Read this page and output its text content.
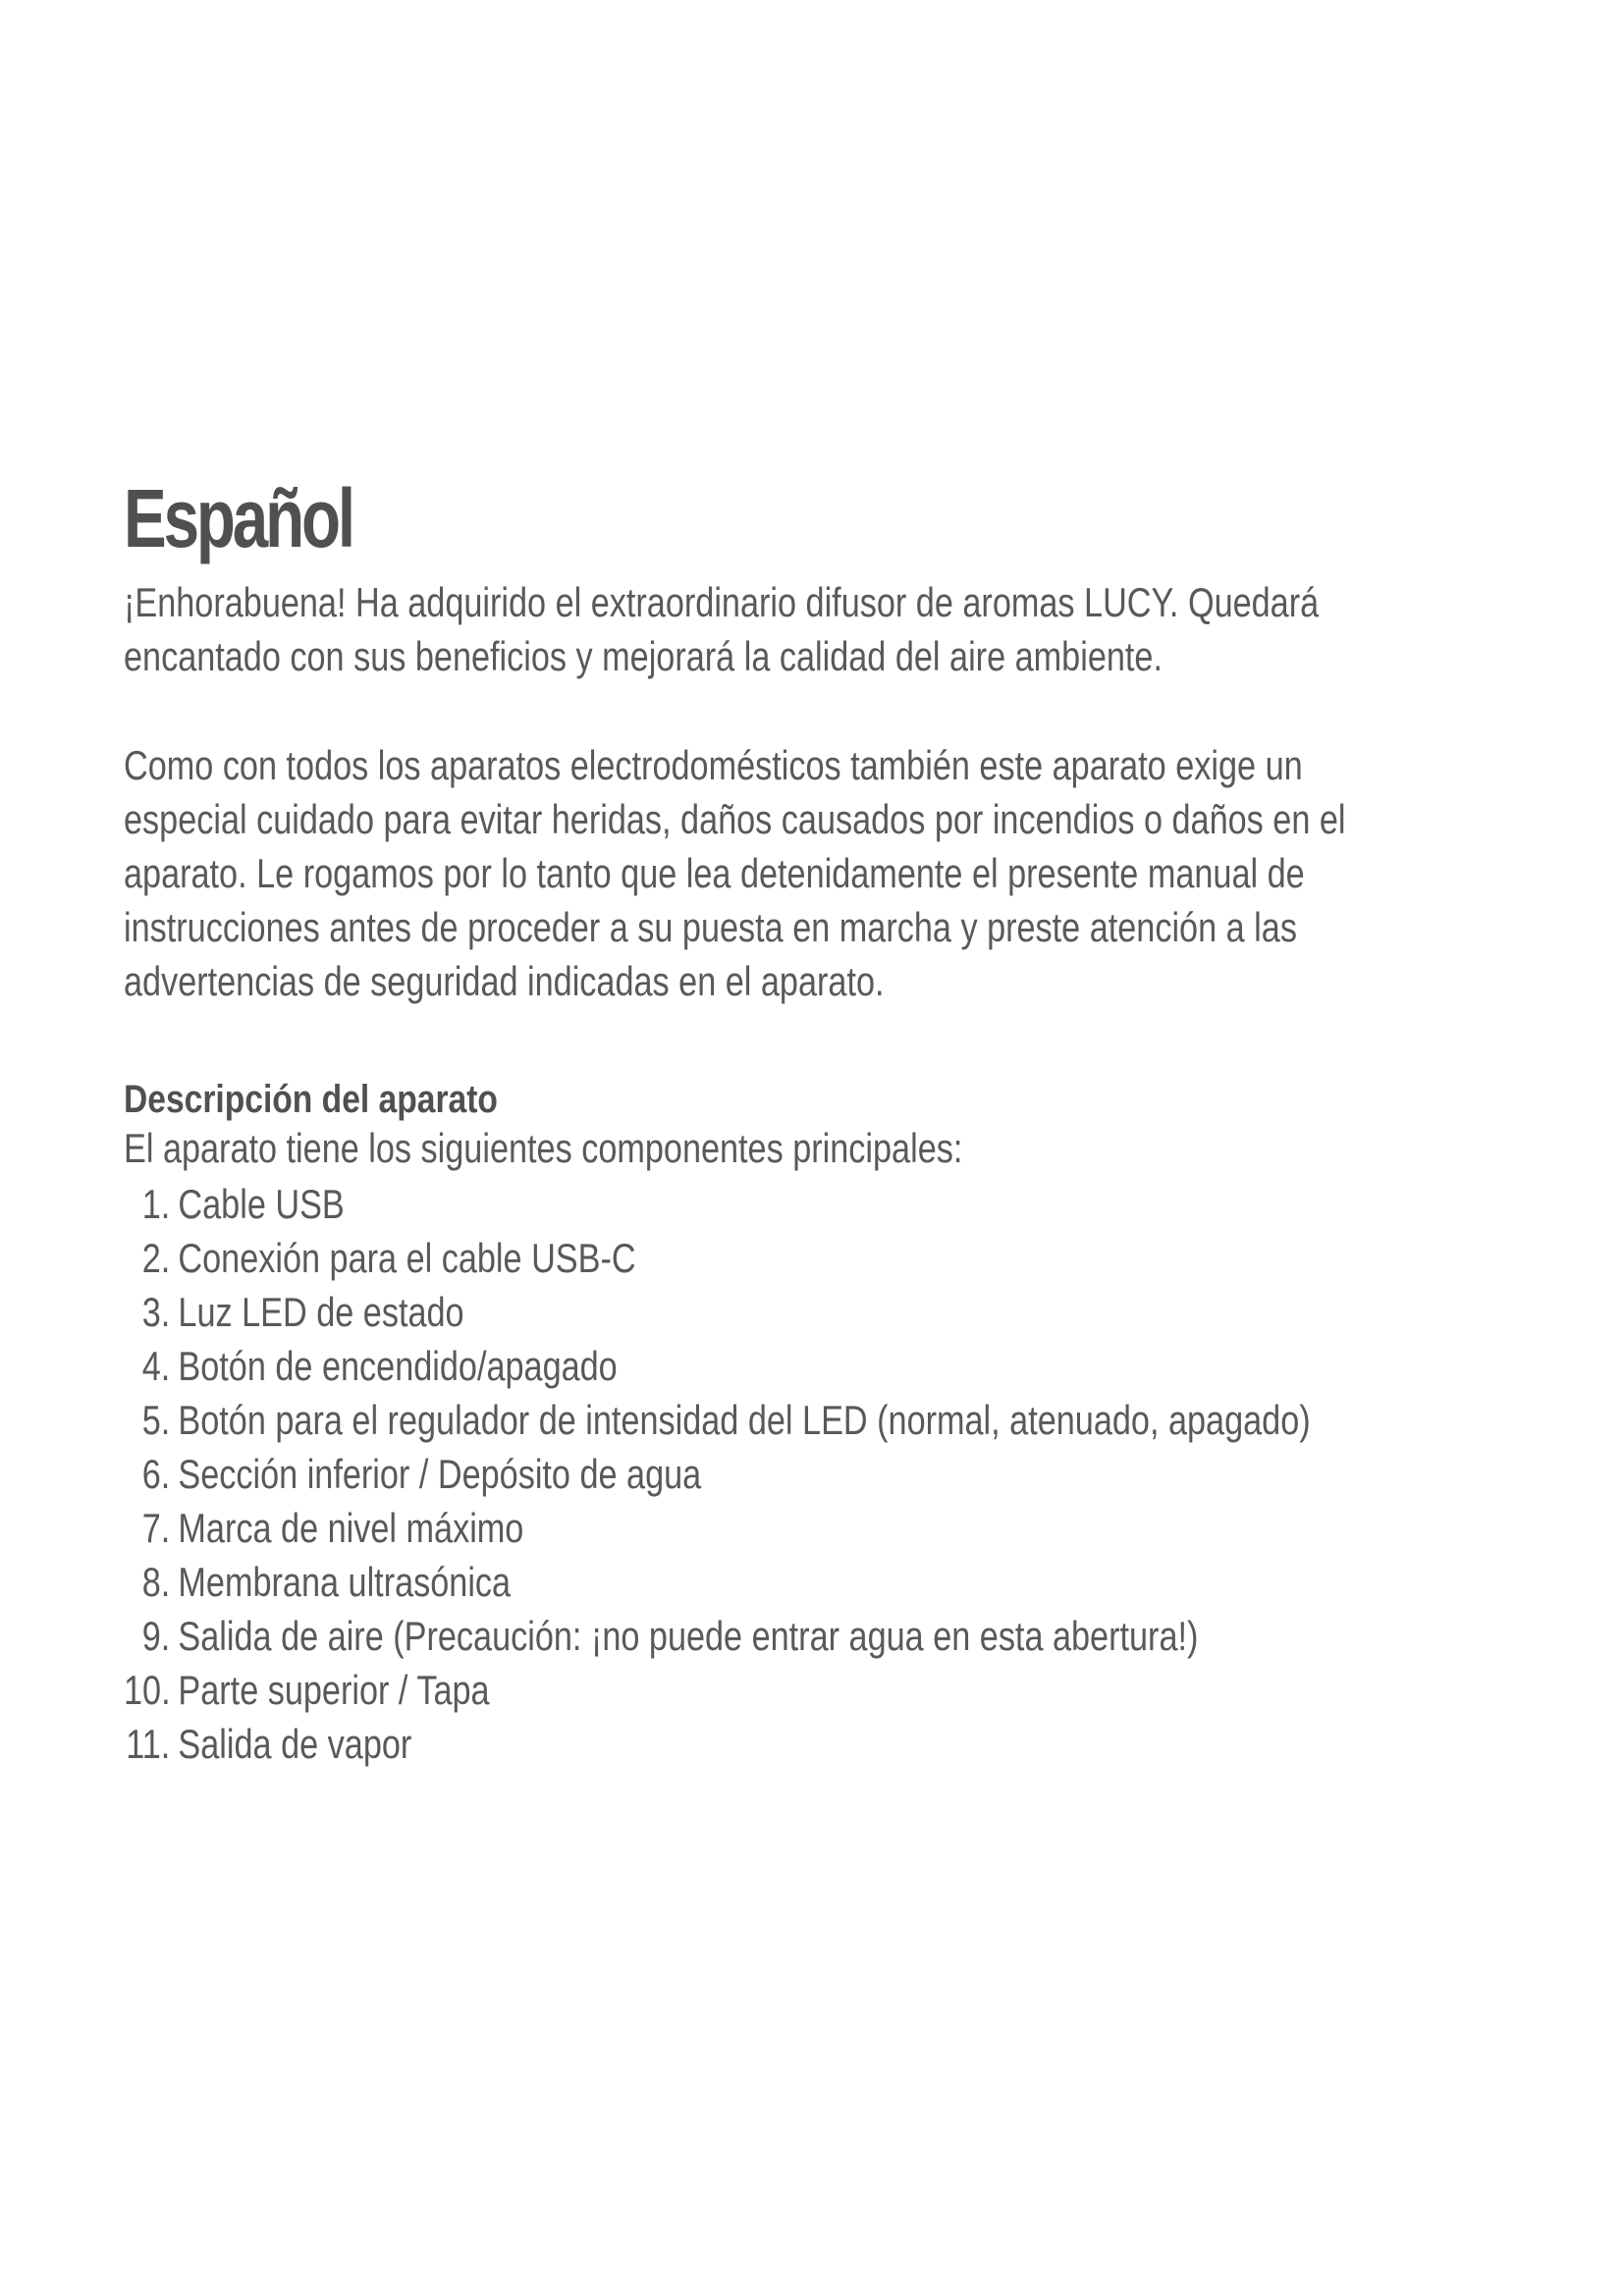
Español

¡Enhorabuena! Ha adquirido el extraordinario difusor de aromas LUCY. Quedará encantado con sus beneficios y mejorará la calidad del aire ambiente.

Como con todos los aparatos electrodomésticos también este aparato exige un especial cuidado para evitar heridas, daños causados por incendios o daños en el aparato. Le rogamos por lo tanto que lea detenidamente el presente manual de instrucciones antes de proceder a su puesta en marcha y preste atención a las advertencias de seguridad indicadas en el aparato.

Descripción del aparato

El aparato tiene los siguientes componentes principales:

1. Cable USB
2. Conexión para el cable USB-C
3. Luz LED de estado
4. Botón de encendido/apagado
5. Botón para el regulador de intensidad del LED (normal, atenuado, apagado)
6. Sección inferior / Depósito de agua
7. Marca de nivel máximo
8. Membrana ultrasónica
9. Salida de aire (Precaución: ¡no puede entrar agua en esta abertura!)
10. Parte superior / Tapa
11. Salida de vapor
